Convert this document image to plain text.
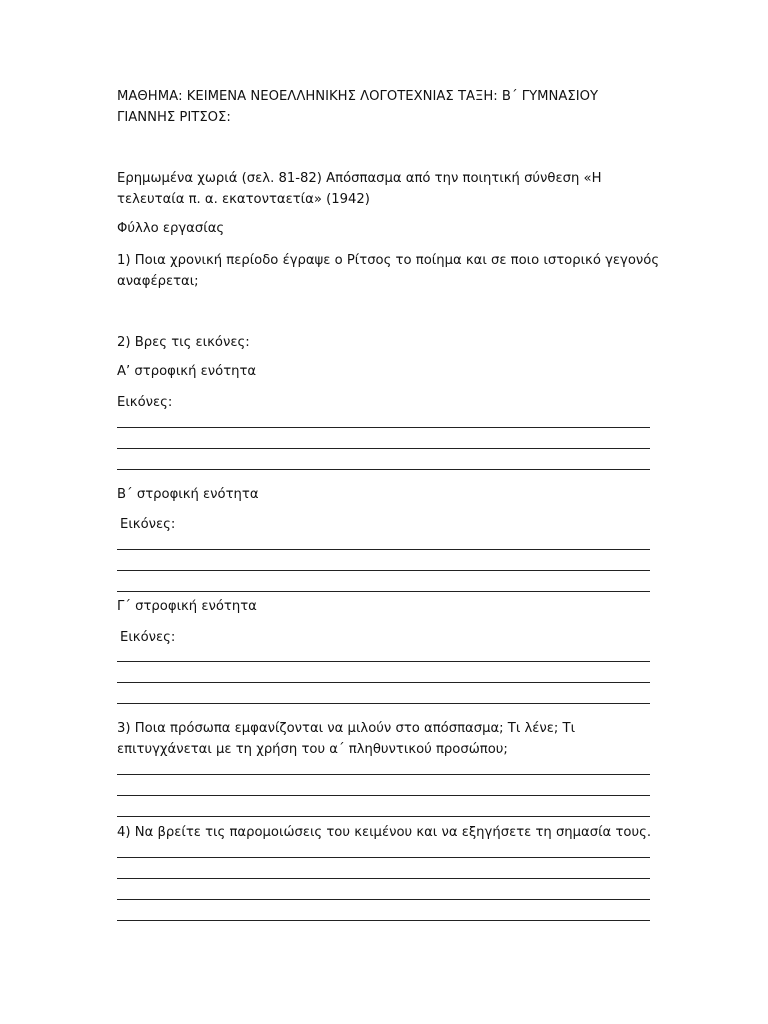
ΜΑΘΗΜΑ: ΚΕΙΜΕΝΑ ΝΕΟΕΛΛΗΝΙΚΗΣ ΛΟΓΟΤΕΧΝΙΑΣ ΤΑΞΗ: Β΄ ΓΥΜΝΑΣΙΟΥ
ΓΙΑΝΝΗΣ ΡΙΤΣΟΣ:
Ερημωμένα χωριά (σελ. 81-82) Απόσπασμα από την ποιητική σύνθεση «Η
τελευταία π. α. εκατονταετία» (1942)
Φύλλο εργασίας
1) Ποια χρονική περίοδο έγραψε ο Ρίτσος το ποίημα και σε ποιο ιστορικό γεγονός
αναφέρεται;
2) Βρες τις εικόνες:
Α’ στροφική ενότητα
Εικόνες:
Β΄ στροφική ενότητα
Εικόνες:
Γ΄ στροφική ενότητα
Εικόνες:
3) Ποια πρόσωπα εμφανίζονται να μιλούν στο απόσπασμα; Τι λένε; Τι
επιτυγχάνεται με τη χρήση του α΄ πληθυντικού προσώπου;
4) Να βρείτε τις παρομοιώσεις του κειμένου και να εξηγήσετε τη σημασία τους.
